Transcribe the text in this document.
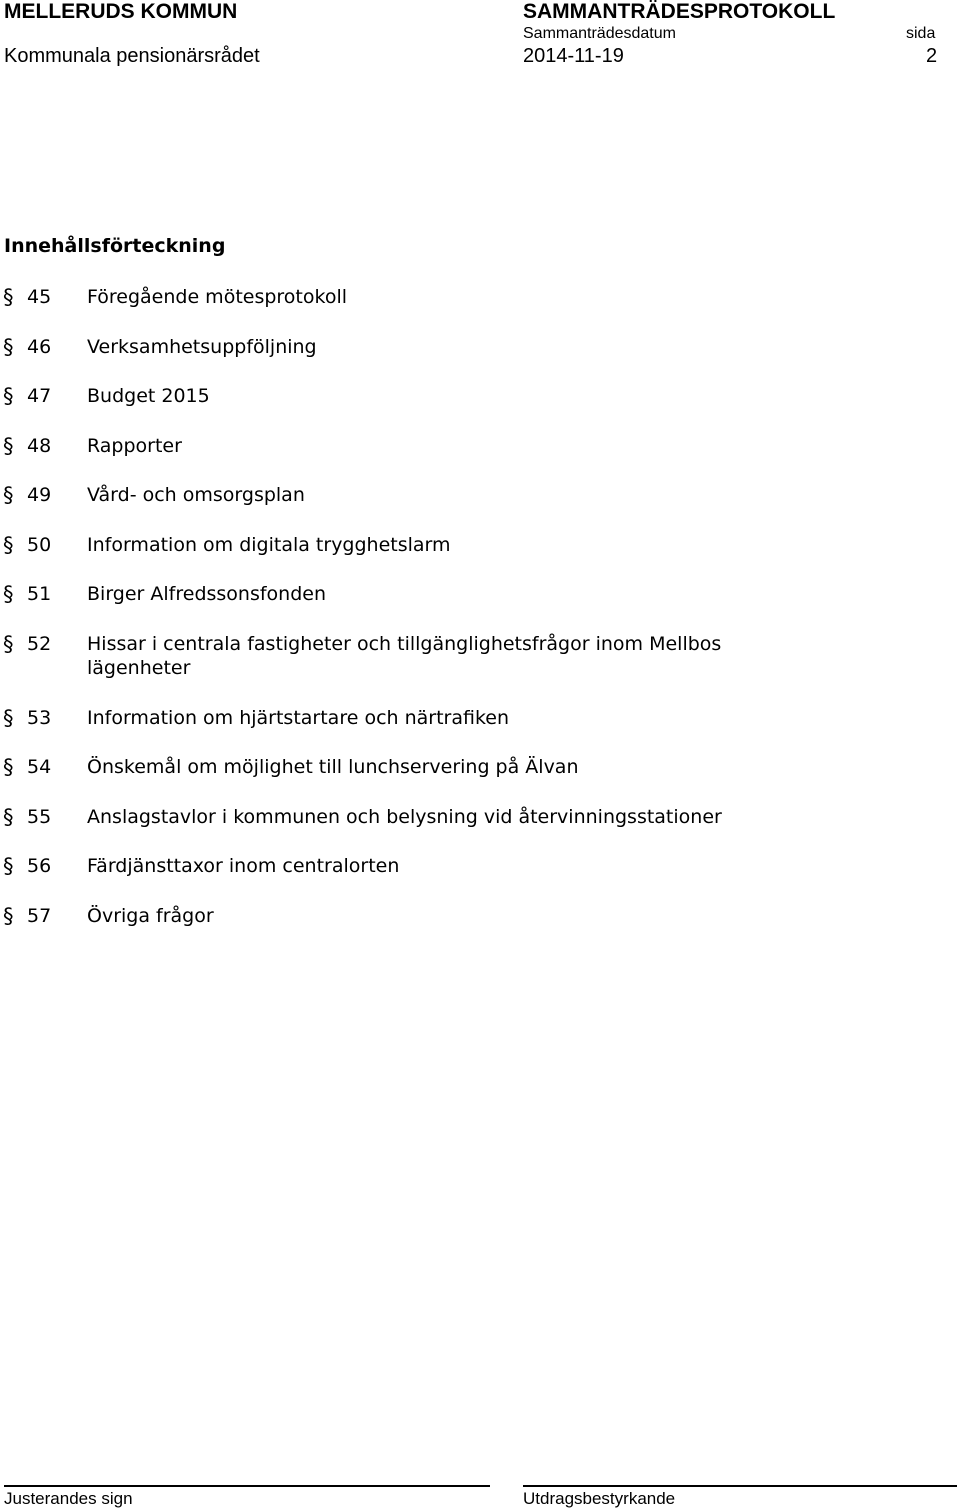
MELLERUDS KOMMUN	SAMMANTRÄDESPROTOKOLL
Sammanträdesdatum	sida
Kommunala pensionärsrådet	2014-11-19	2
Innehållsförteckning
§ 45	Föregående mötesprotokoll
§ 46	Verksamhetsuppföljning
§ 47	Budget 2015
§ 48	Rapporter
§ 49	Vård- och omsorgsplan
§ 50	Information om digitala trygghetslarm
§ 51	Birger Alfredssonsfonden
§ 52	Hissar i centrala fastigheter och tillgänglighetsfrågor inom Mellbos lägenheter
§ 53	Information om hjärtstartare och närtrafiken
§ 54	Önskemål om möjlighet till lunchservering på Älvan
§ 55	Anslagstavlor i kommunen och belysning vid återvinningsstationer
§ 56	Färdjänsttaxor inom centralorten
§ 57	Övriga frågor
Justerandes sign	Utdragsbestyrkande
